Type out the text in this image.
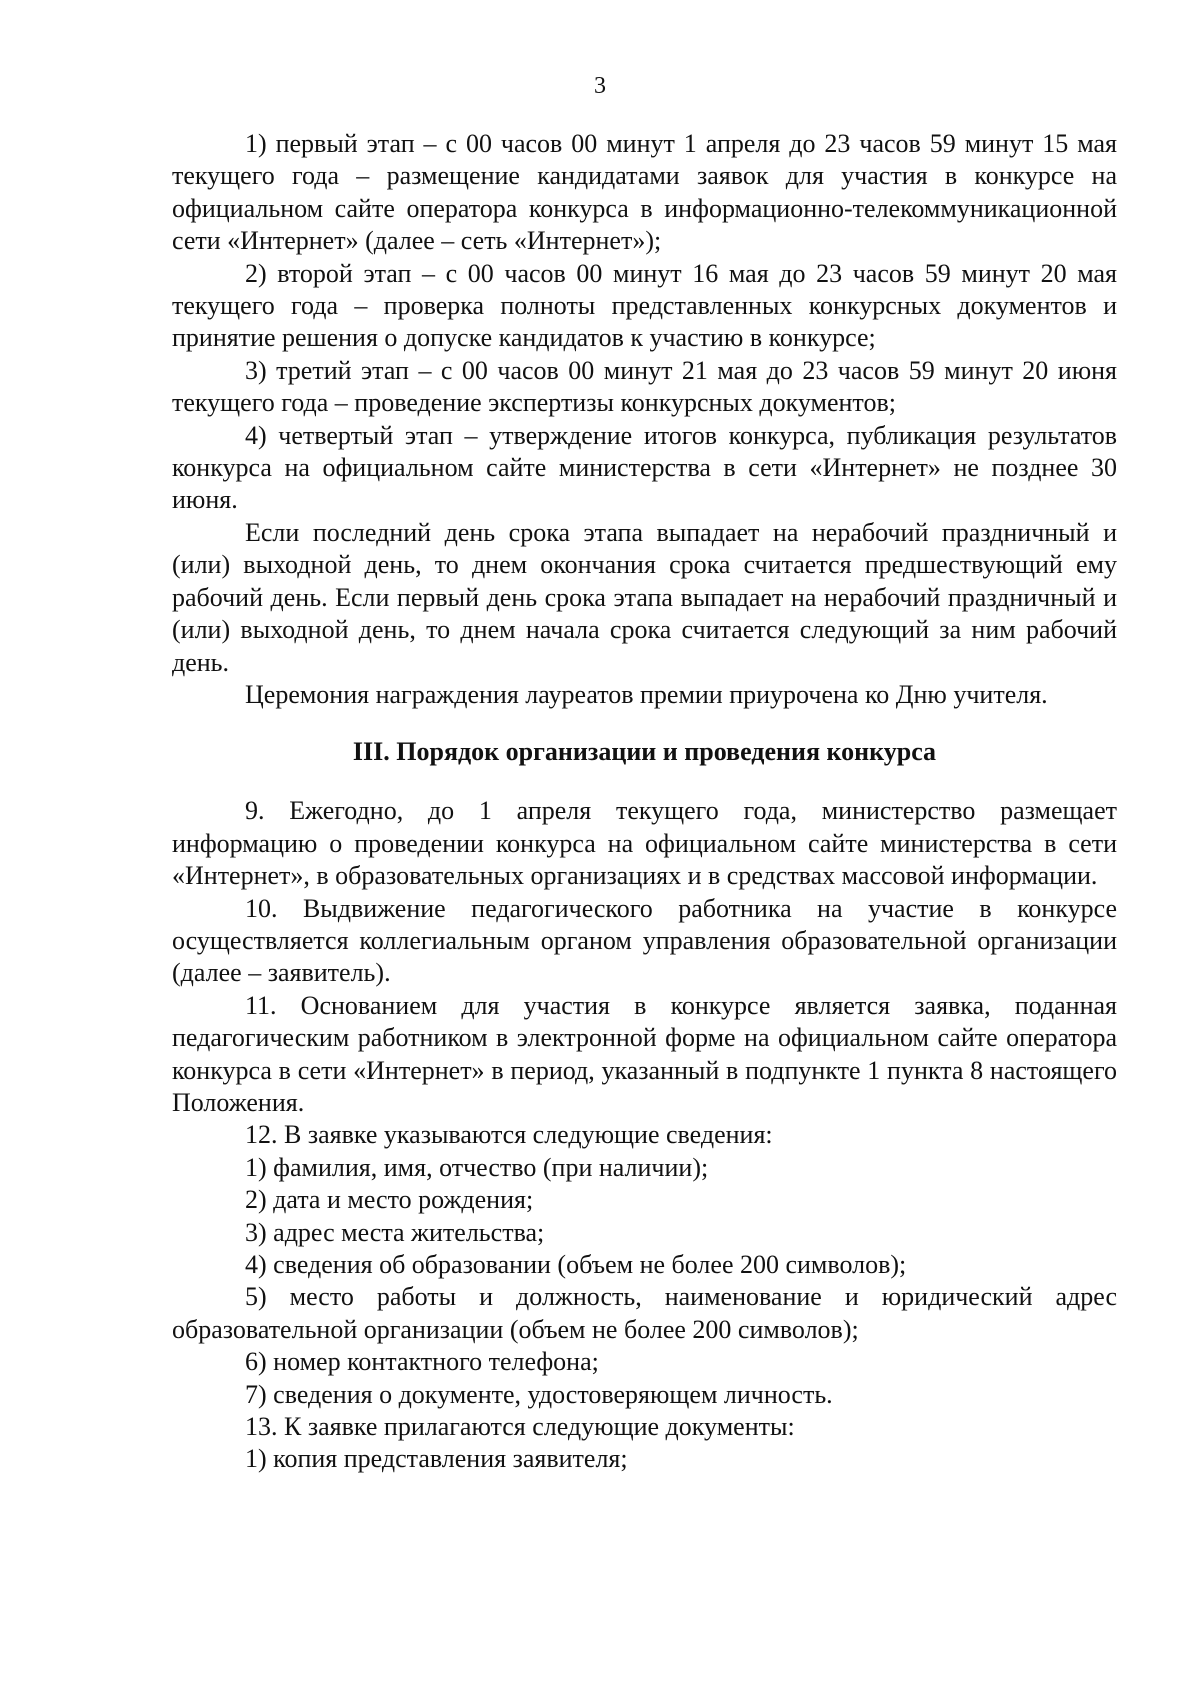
3

1) первый этап – с 00 часов 00 минут 1 апреля до 23 часов 59 минут 15 мая текущего года – размещение кандидатами заявок для участия в конкурсе на официальном сайте оператора конкурса в информационно-телекоммуникационной сети «Интернет» (далее – сеть «Интернет»);

2) второй этап – с 00 часов 00 минут 16 мая до 23 часов 59 минут 20 мая текущего года – проверка полноты представленных конкурсных документов и принятие решения о допуске кандидатов к участию в конкурсе;

3) третий этап – с 00 часов 00 минут 21 мая до 23 часов 59 минут 20 июня текущего года – проведение экспертизы конкурсных документов;

4) четвертый этап – утверждение итогов конкурса, публикация результатов конкурса на официальном сайте министерства в сети «Интернет» не позднее 30 июня.

Если последний день срока этапа выпадает на нерабочий праздничный и (или) выходной день, то днем окончания срока считается предшествующий ему рабочий день. Если первый день срока этапа выпадает на нерабочий праздничный и (или) выходной день, то днем начала срока считается следующий за ним рабочий день.

Церемония награждения лауреатов премии приурочена ко Дню учителя.

III. Порядок организации и проведения конкурса

9. Ежегодно, до 1 апреля текущего года, министерство размещает информацию о проведении конкурса на официальном сайте министерства в сети «Интернет», в образовательных организациях и в средствах массовой информации.

10. Выдвижение педагогического работника на участие в конкурсе осуществляется коллегиальным органом управления образовательной организации (далее – заявитель).

11. Основанием для участия в конкурсе является заявка, поданная педагогическим работником в электронной форме на официальном сайте оператора конкурса в сети «Интернет» в период, указанный в подпункте 1 пункта 8 настоящего Положения.

12. В заявке указываются следующие сведения:

1) фамилия, имя, отчество (при наличии);

2) дата и место рождения;

3) адрес места жительства;

4) сведения об образовании (объем не более 200 символов);

5) место работы и должность, наименование и юридический адрес образовательной организации (объем не более 200 символов);

6) номер контактного телефона;

7) сведения о документе, удостоверяющем личность.

13. К заявке прилагаются следующие документы:

1) копия представления заявителя;
